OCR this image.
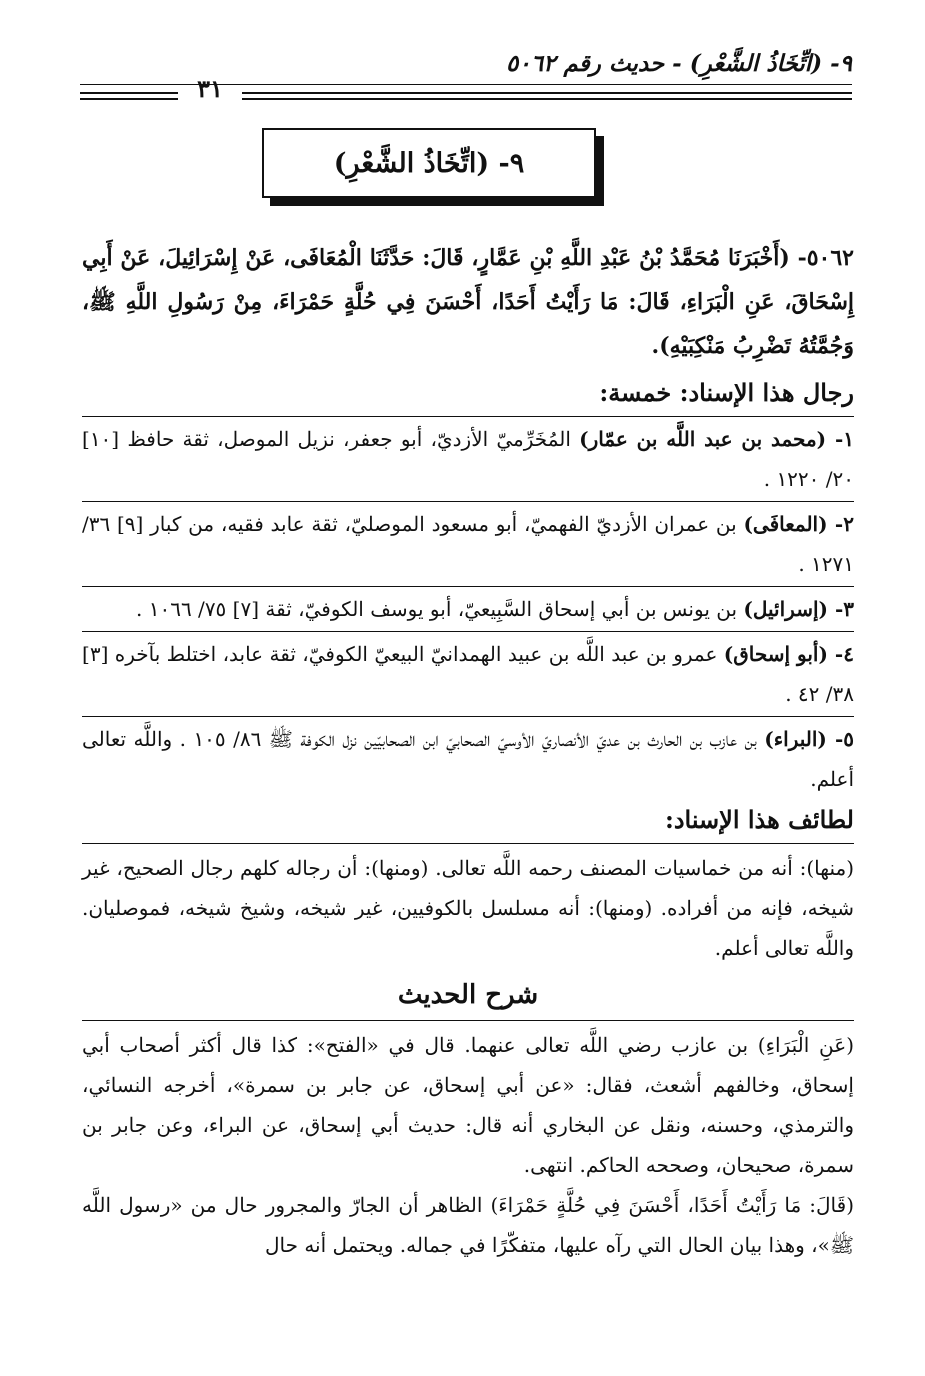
٩- (اتِّخَاذُ الشَّعْرِ) - حديث رقم ٥٠٦٢
٣١
٩- (اتِّخَاذُ الشَّعْرِ)

٥٠٦٢- (أَخْبَرَنَا مُحَمَّدُ بْنُ عَبْدِ اللَّهِ بْنِ عَمَّارٍ، قَالَ: حَدَّثَنَا الْمُعَافَى، عَنْ إِسْرَائِيلَ، عَنْ أَبِي إِسْحَاقَ، عَنِ الْبَرَاءِ، قَالَ: مَا رَأَيْتُ أَحَدًا، أَحْسَنَ فِي حُلَّةٍ حَمْرَاءَ، مِنْ رَسُولِ اللَّهِ ﷺ، وَجُمَّتُهُ تَضْرِبُ مَنْكِبَيْهِ).

رجال هذا الإسناد: خمسة:

١- (محمد بن عبد اللَّه بن عمّار) المُخَرِّميّ الأزديّ، أبو جعفر، نزيل الموصل، ثقة حافظ [١٠] ٢٠/ ١٢٢٠ .

٢- (المعافَى) بن عمران الأزديّ الفهميّ، أبو مسعود الموصليّ، ثقة عابد فقيه، من كبار [٩] ٣٦/ ١٢٧١ .

٣- (إسرائيل) بن يونس بن أبي إسحاق السَّبِيعيّ، أبو يوسف الكوفيّ، ثقة [٧] ٧٥/ ١٠٦٦ .

٤- (أبو إسحاق) عمرو بن عبد اللَّه بن عبيد الهمدانيّ البيعيّ الكوفيّ، ثقة عابد، اختلط بآخره [٣] ٣٨/ ٤٢ .

٥- (البراء) بن عازب بن الحارث بن عديّ الأنصاريّ الأوسيّ الصحابيّ ابن الصحابيّين نزل الكوفة ﷺ ٨٦/ ١٠٥ . واللَّه تعالى أعلم.

لطائف هذا الإسناد:

(منها): أنه من خماسيات المصنف رحمه اللَّه تعالى. (ومنها): أن رجاله كلهم رجال الصحيح، غير شيخه، فإنه من أفراده. (ومنها): أنه مسلسل بالكوفيين، غير شيخه، وشيخ شيخه، فموصليان. واللَّه تعالى أعلم.

شرح الحديث

(عَنِ الْبَرَاءِ) بن عازب رضي اللَّه تعالى عنهما. قال في «الفتح»: كذا قال أكثر أصحاب أبي إسحاق، وخالفهم أشعث، فقال: «عن أبي إسحاق، عن جابر بن سمرة»، أخرجه النسائي، والترمذي، وحسنه، ونقل عن البخاري أنه قال: حديث أبي إسحاق، عن البراء، وعن جابر بن سمرة، صحيحان، وصححه الحاكم. انتهى.

(قَالَ: مَا رَأَيْتُ أَحَدًا، أَحْسَنَ فِي حُلَّةٍ حَمْرَاءَ) الظاهر أن الجارّ والمجرور حال من «رسول اللَّه ﷺ»، وهذا بيان الحال التي رآه عليها، متفكّرًا في جماله. ويحتمل أنه حال
